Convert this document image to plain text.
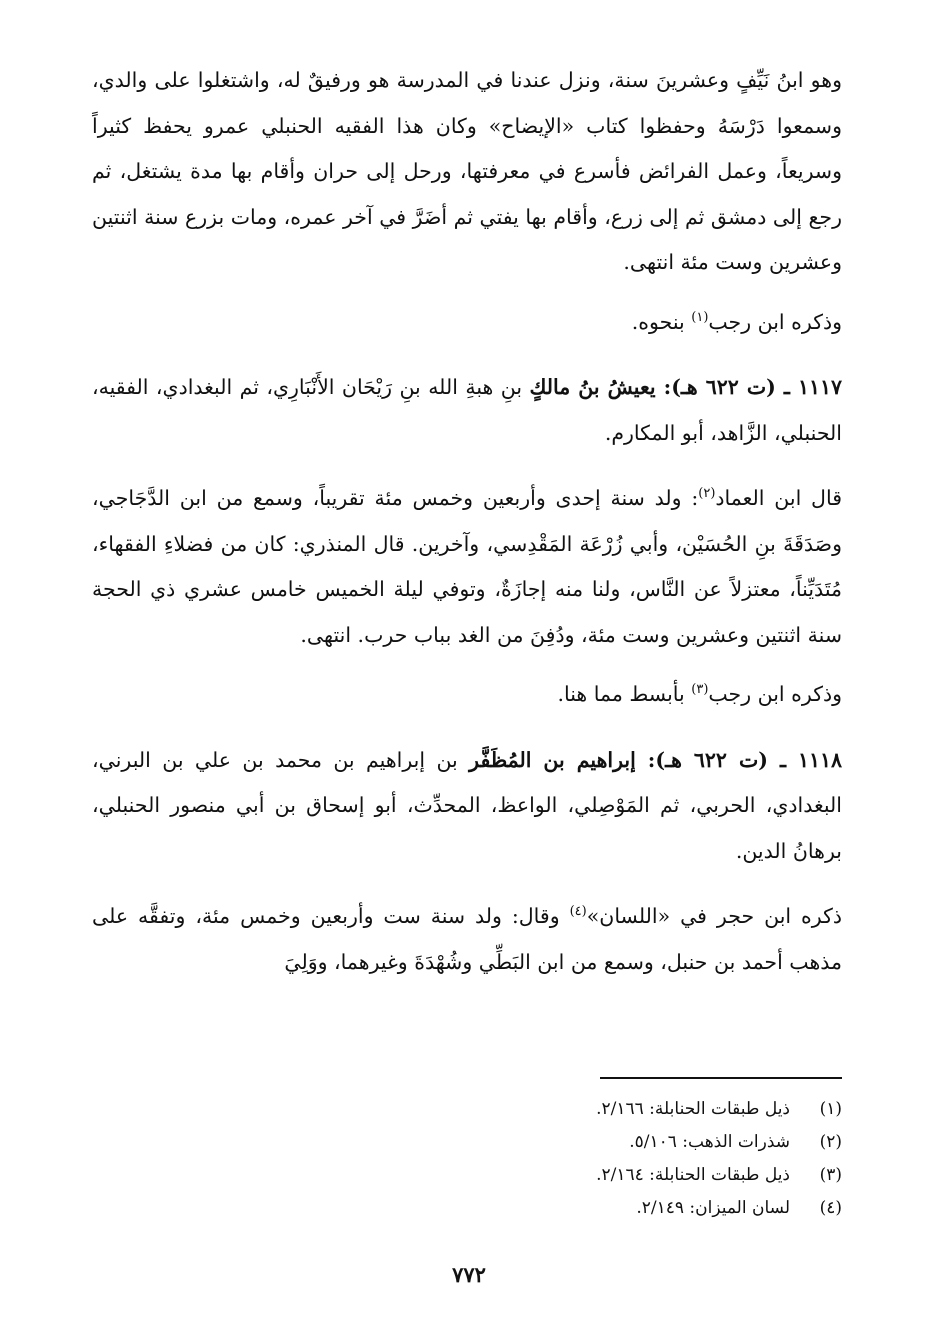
وهو ابنُ نَيِّفٍ وعشرينَ سنة، ونزل عندنا في المدرسة هو ورفيقٌ له، واشتغلوا على والدي، وسمعوا دَرْسَهُ وحفظوا كتاب «الإيضاح» وكان هذا الفقيه الحنبلي عمرو يحفظ كثيراً وسريعاً، وعمل الفرائض فأسرع في معرفتها، ورحل إلى حران وأقام بها مدة يشتغل، ثم رجع إلى دمشق ثم إلى زرع، وأقام بها يفتي ثم أضَرَّ في آخر عمره، ومات بزرع سنة اثنتين وعشرين وست مئة انتهى.

وذكره ابن رجب$^{(١)}$ بنحوه.

١١١٧ ـ (ت ٦٢٢ هـ): يعيشُ بنُ مالكٍ بنِ هبةِ الله بنِ رَيْحَان الأَنْبَارِي، ثم البغدادي، الفقيه، الحنبلي، الزَّاهد، أبو المكارم.

قال ابن العماد$^{(٢)}$: ولد سنة إحدى وأربعين وخمس مئة تقريباً، وسمع من ابن الدَّجَاجي، وصَدَقَةَ بنِ الحُسَيْن، وأبي زُرْعَة المَقْدِسي، وآخرين. قال المنذري: كان من فضلاءِ الفقهاء، مُتَدَيِّناً، معتزلاً عن النَّاس، ولنا منه إجازَةٌ، وتوفي ليلة الخميس خامس عشري ذي الحجة سنة اثنتين وعشرين وست مئة، ودُفِنَ من الغد بباب حرب. انتهى.

وذكره ابن رجب$^{(٣)}$ بأبسط مما هنا.

١١١٨ ـ (ت ٦٢٢ هـ): إبراهيم بن المُظَفَّر بن إبراهيم بن محمد بن علي بن البرني، البغدادي، الحربي، ثم المَوْصِلي، الواعظ، المحدِّث، أبو إسحاق بن أبي منصور الحنبلي، برهانُ الدين.

ذكره ابن حجر في «اللسان»$^{(٤)}$ وقال: ولد سنة ست وأربعين وخمس مئة، وتفقَّه على مذهب أحمد بن حنبل، وسمع من ابن البَطِّي وشُهْدَةَ وغيرهما، ووَلِيَ

(١)
ذيل طبقات الحنابلة: ٢/١٦٦.
(٢)
شذرات الذهب: ٥/١٠٦.
(٣)
ذيل طبقات الحنابلة: ٢/١٦٤.
(٤)
لسان الميزان: ٢/١٤٩.
٧٧٢
